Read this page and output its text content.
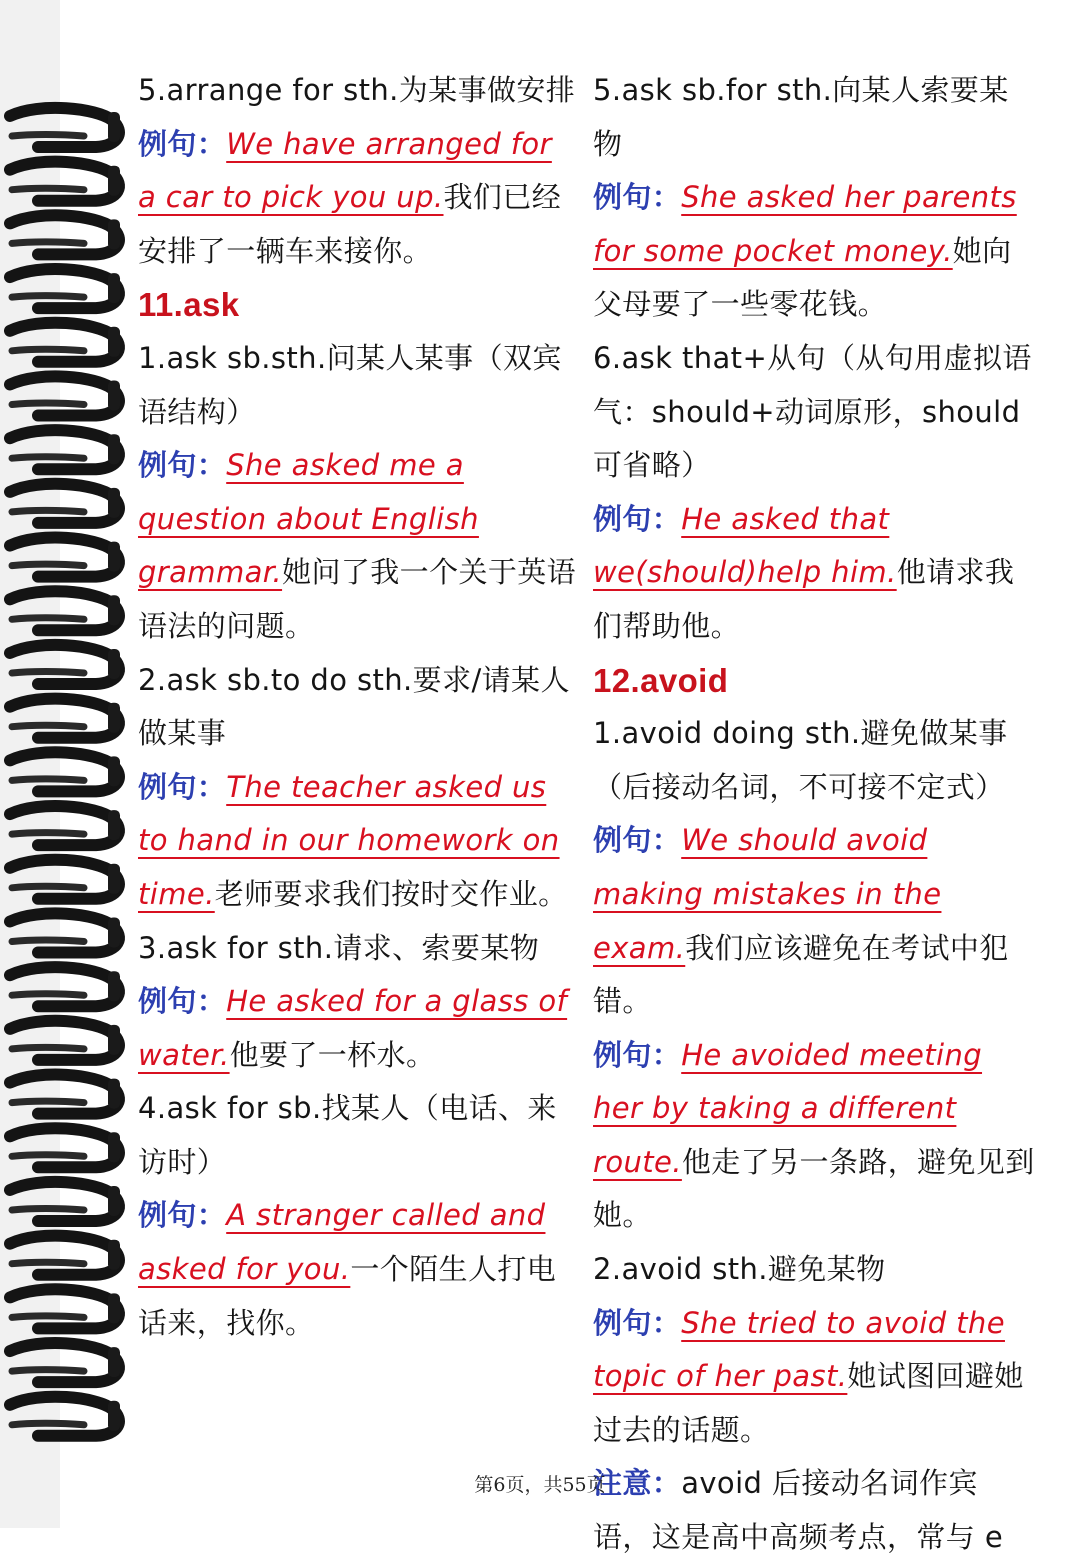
5.arrange for sth.为某事做安排

例句：We have arranged for a car to pick you up.我们已经安排了一辆车来接你。

11.ask

1.ask sb.sth.问某人某事（双宾语结构）

例句：She asked me a question about English grammar.她问了我一个关于英语语法的问题。

2.ask sb.to do sth.要求/请某人做某事

例句：The teacher asked us to hand in our homework on time.老师要求我们按时交作业。

3.ask for sth.请求、索要某物

例句：He asked for a glass of water.他要了一杯水。

4.ask for sb.找某人（电话、来访时）

例句：A stranger called and asked for you.一个陌生人打电话来，找你。

5.ask sb.for sth.向某人索要某物

例句：She asked her parents for some pocket money.她向父母要了一些零花钱。

6.ask that+从句（从句用虚拟语气：should+动词原形，should可省略）

例句：He asked that we(should)help him.他请求我们帮助他。

12.avoid

1.avoid doing sth.避免做某事（后接动名词，不可接不定式）

例句：We should avoid making mistakes in the exam.我们应该避免在考试中犯错。

例句：He avoided meeting her by taking a different route.他走了另一条路，避免见到她。

2.avoid sth.避免某物

例句：She tried to avoid the topic of her past.她试图回避她过去的话题。

注意：avoid 后接动名词作宾语，这是高中高频考点，常与 e

第6页，共55页
